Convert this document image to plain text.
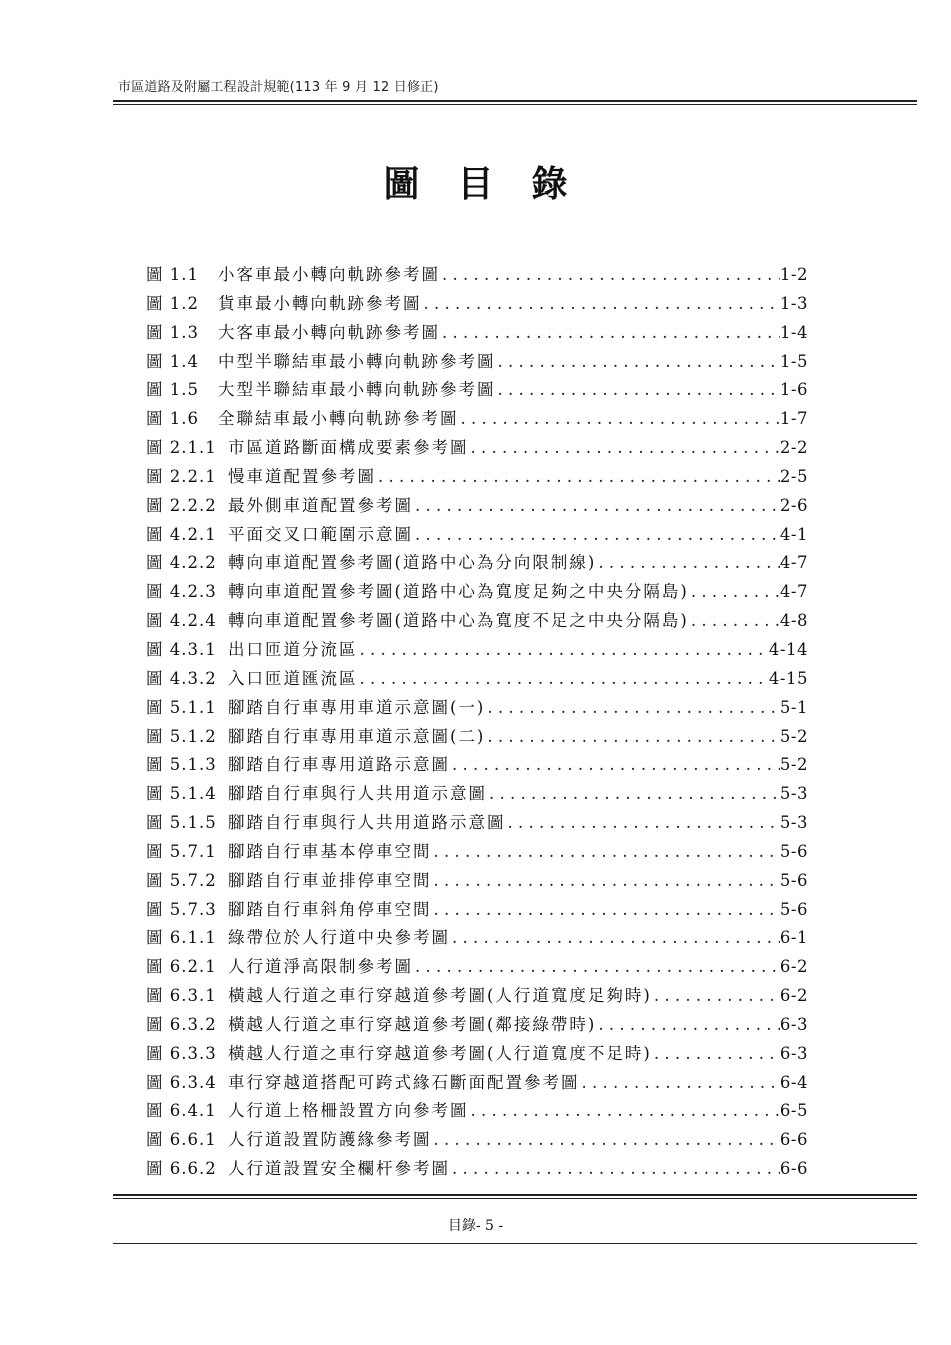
市區道路及附屬工程設計規範(113 年 9 月 12 日修正)
圖目錄
圖 1.1	小客車最小轉向軌跡參考圖 . . .	1-2
圖 1.2	貨車最小轉向軌跡參考圖 . . .	1-3
圖 1.3	大客車最小轉向軌跡參考圖 . . .	1-4
圖 1.4	中型半聯結車最小轉向軌跡參考圖 . . .	1-5
圖 1.5	大型半聯結車最小轉向軌跡參考圖 . . .	1-6
圖 1.6	全聯結車最小轉向軌跡參考圖 . . .	1-7
圖 2.1.1 市區道路斷面構成要素參考圖 . . .	2-2
圖 2.2.1 慢車道配置參考圖 . . .	2-5
圖 2.2.2 最外側車道配置參考圖 . . .	2-6
圖 4.2.1 平面交叉口範圍示意圖 . . .	4-1
圖 4.2.2 轉向車道配置參考圖(道路中心為分向限制線) . . .	4-7
圖 4.2.3 轉向車道配置參考圖(道路中心為寬度足夠之中央分隔島) . . .	4-7
圖 4.2.4 轉向車道配置參考圖(道路中心為寬度不足之中央分隔島) . . .	4-8
圖 4.3.1 出口匝道分流區 . . .	4-14
圖 4.3.2 入口匝道匯流區 . . .	4-15
圖 5.1.1 腳踏自行車專用車道示意圖(一) . . .	5-1
圖 5.1.2 腳踏自行車專用車道示意圖(二) . . .	5-2
圖 5.1.3 腳踏自行車專用道路示意圖 . . .	5-2
圖 5.1.4 腳踏自行車與行人共用道示意圖 . . .	5-3
圖 5.1.5 腳踏自行車與行人共用道路示意圖 . . .	5-3
圖 5.7.1 腳踏自行車基本停車空間 . . .	5-6
圖 5.7.2 腳踏自行車並排停車空間 . . .	5-6
圖 5.7.3 腳踏自行車斜角停車空間 . . .	5-6
圖 6.1.1 綠帶位於人行道中央參考圖 . . .	6-1
圖 6.2.1 人行道淨高限制參考圖 . . .	6-2
圖 6.3.1 橫越人行道之車行穿越道參考圖(人行道寬度足夠時) . . .	6-2
圖 6.3.2 橫越人行道之車行穿越道參考圖(鄰接綠帶時) . . .	6-3
圖 6.3.3 橫越人行道之車行穿越道參考圖(人行道寬度不足時) . . .	6-3
圖 6.3.4 車行穿越道搭配可跨式緣石斷面配置參考圖 . . .	6-4
圖 6.4.1 人行道上格柵設置方向參考圖 . . .	6-5
圖 6.6.1 人行道設置防護緣參考圖 . . .	6-6
圖 6.6.2 人行道設置安全欄杆參考圖 . . .	6-6
目錄- 5 -
